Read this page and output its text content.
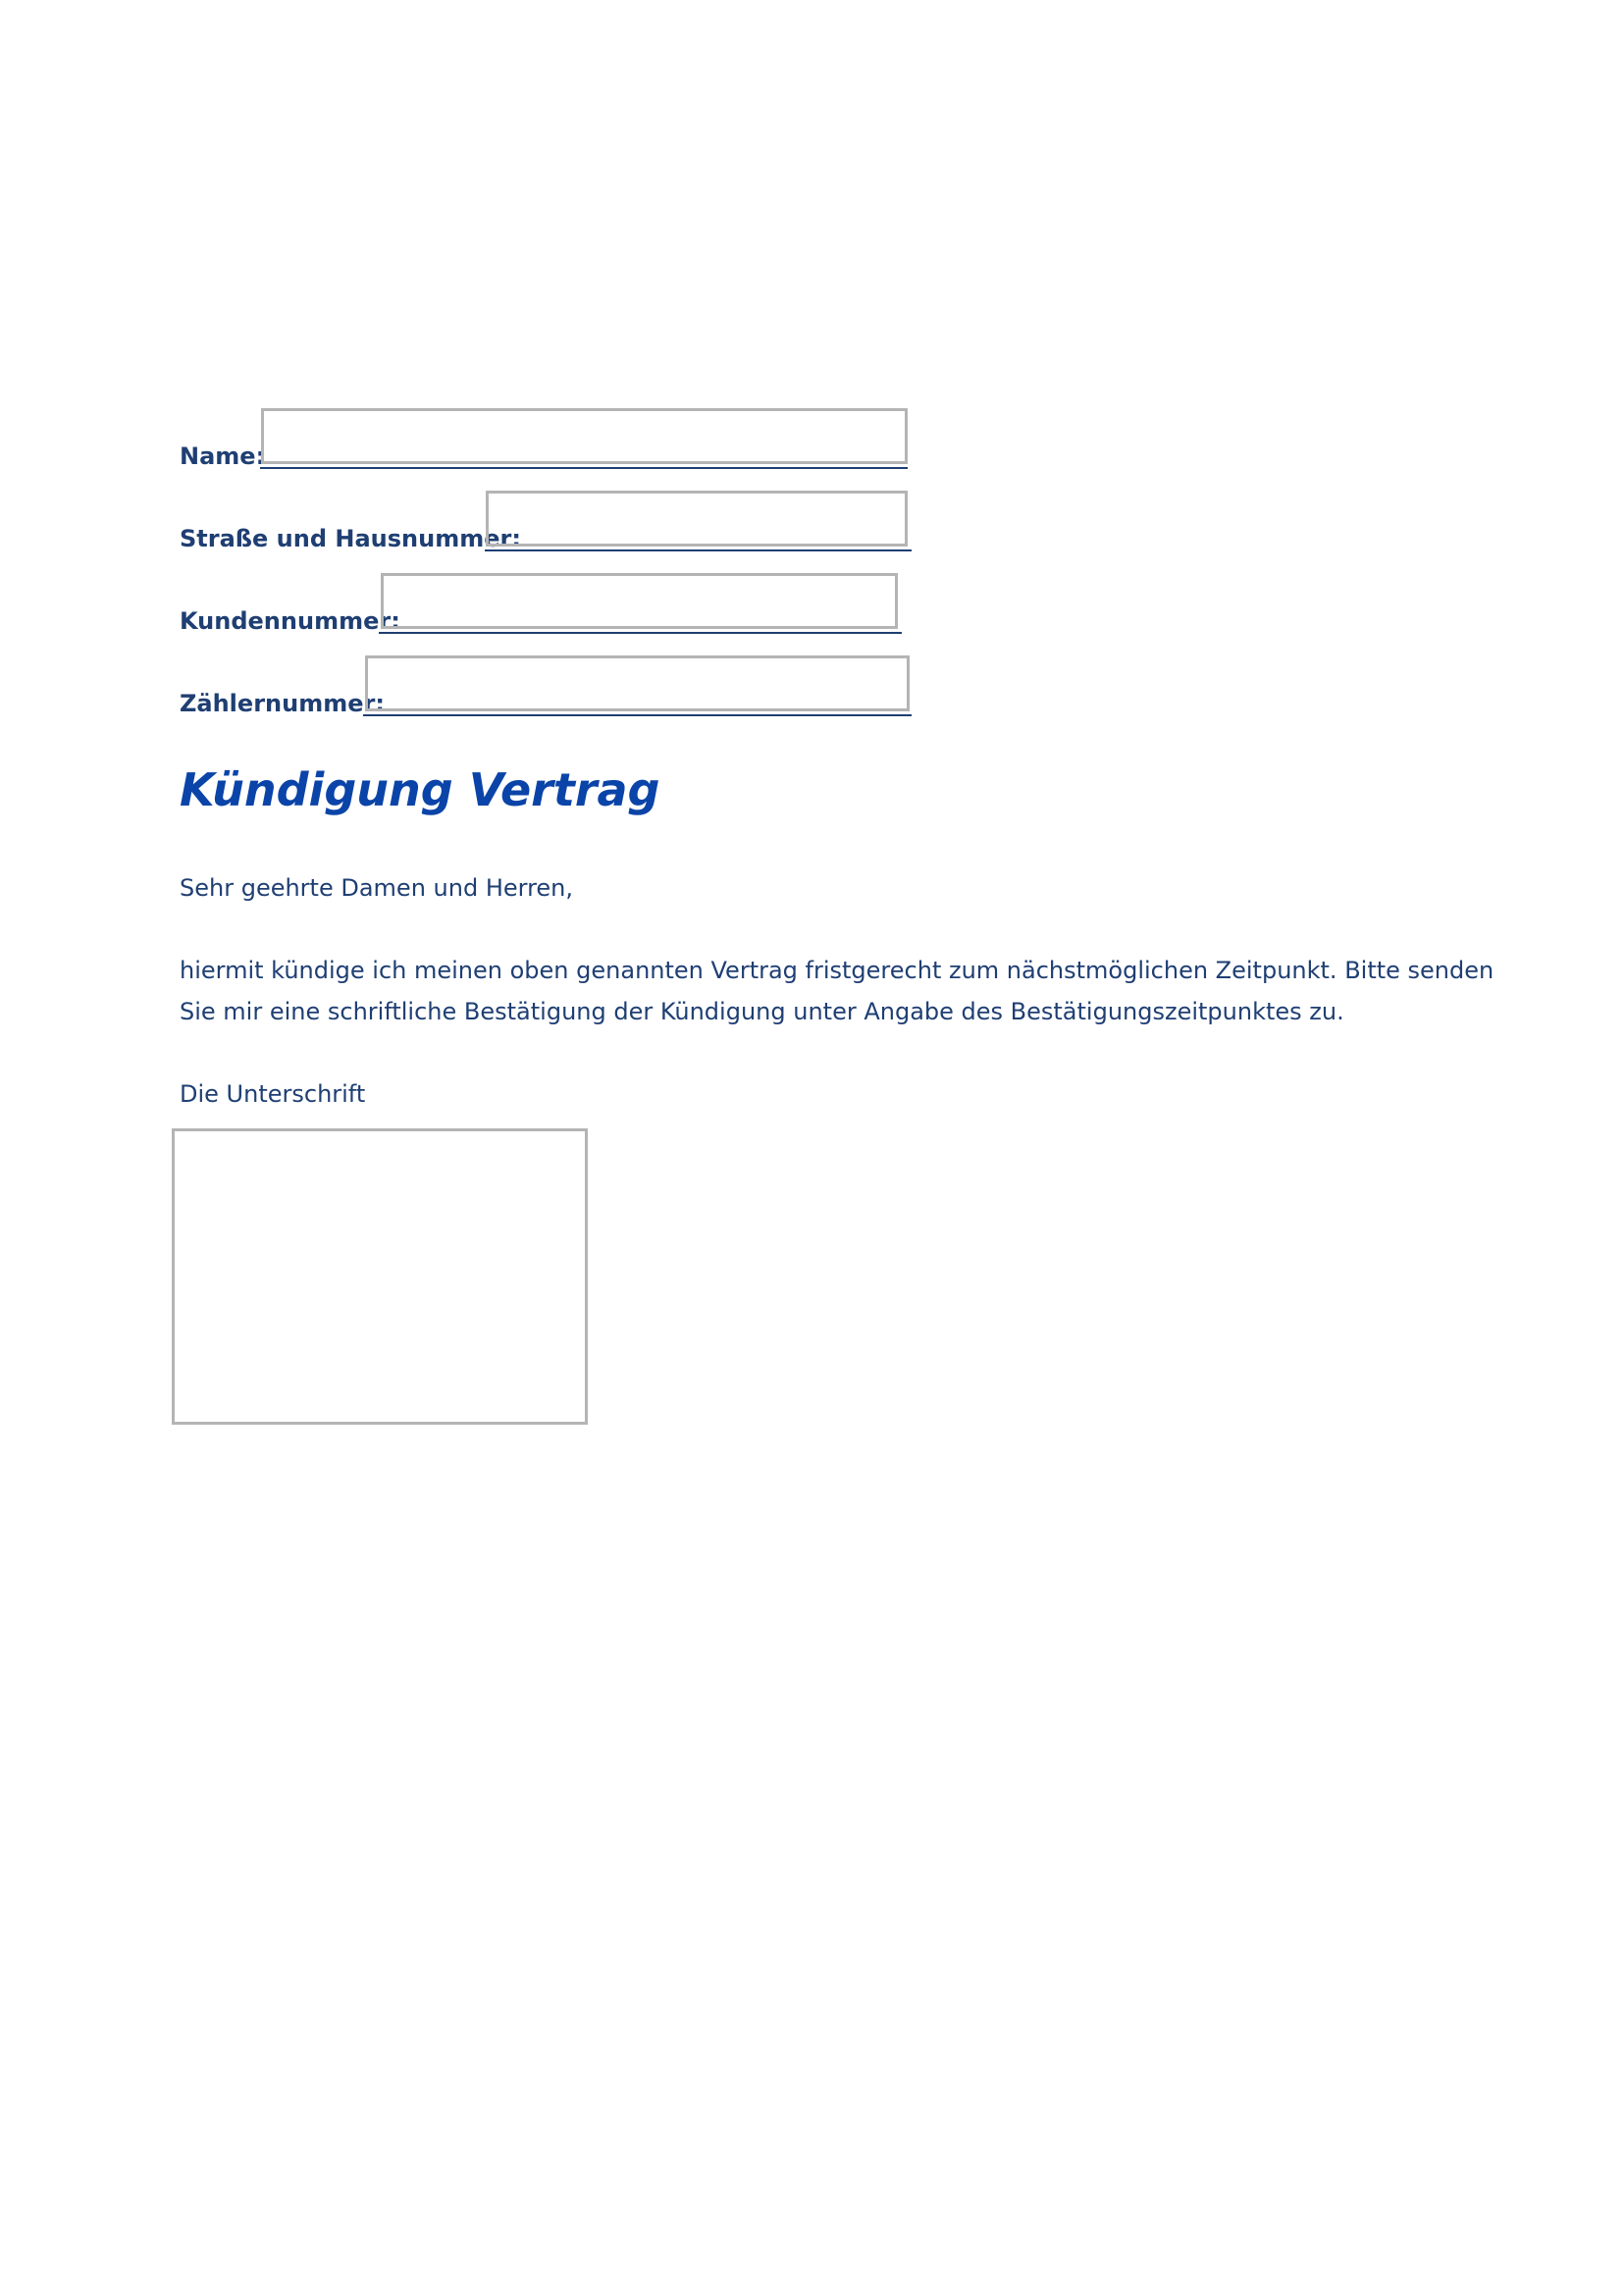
Name:
Straße und Hausnummer:
Kundennummer:
Zählernummer:
Kündigung Vertrag
Sehr geehrte Damen und Herren,
hiermit kündige ich meinen oben genannten Vertrag fristgerecht zum nächstmöglichen Zeitpunkt. Bitte senden
Sie mir eine schriftliche Bestätigung der Kündigung unter Angabe des Bestätigungszeitpunktes zu.
Die Unterschrift
